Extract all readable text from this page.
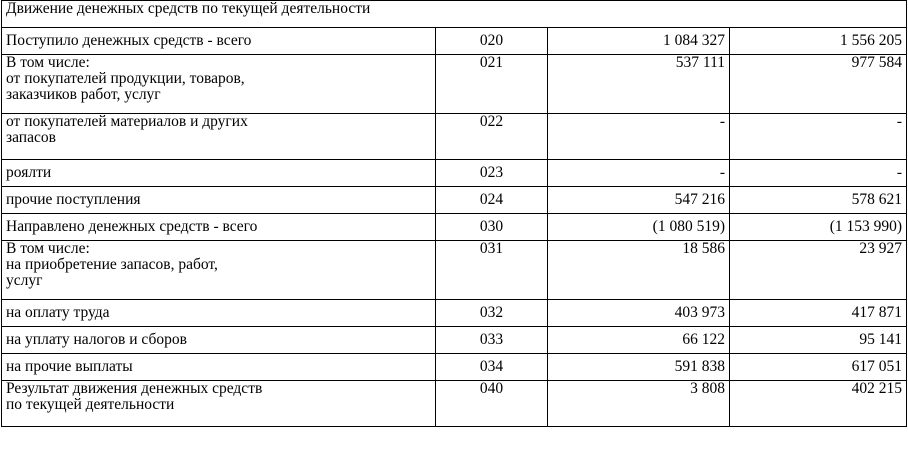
Движение денежных средств по текущей деятельности			
Поступило денежных средств - всего	020	1 084 327	1 556 205
В том числе:
от покупателей продукции, товаров,
заказчиков работ, услуг	021	537 111	977 584
от покупателей материалов и других
запасов	022	-	-
роялти	023	-	-
прочие поступления	024	547 216	578 621
Направлено денежных средств - всего	030	(1 080 519)	(1 153 990)
В том числе:
на приобретение запасов, работ,
услуг	031	18 586	23 927
на оплату труда	032	403 973	417 871
на уплату налогов и сборов	033	66 122	95 141
на прочие выплаты	034	591 838	617 051
Результат движения денежных средств
по текущей деятельности	040	3 808	402 215
